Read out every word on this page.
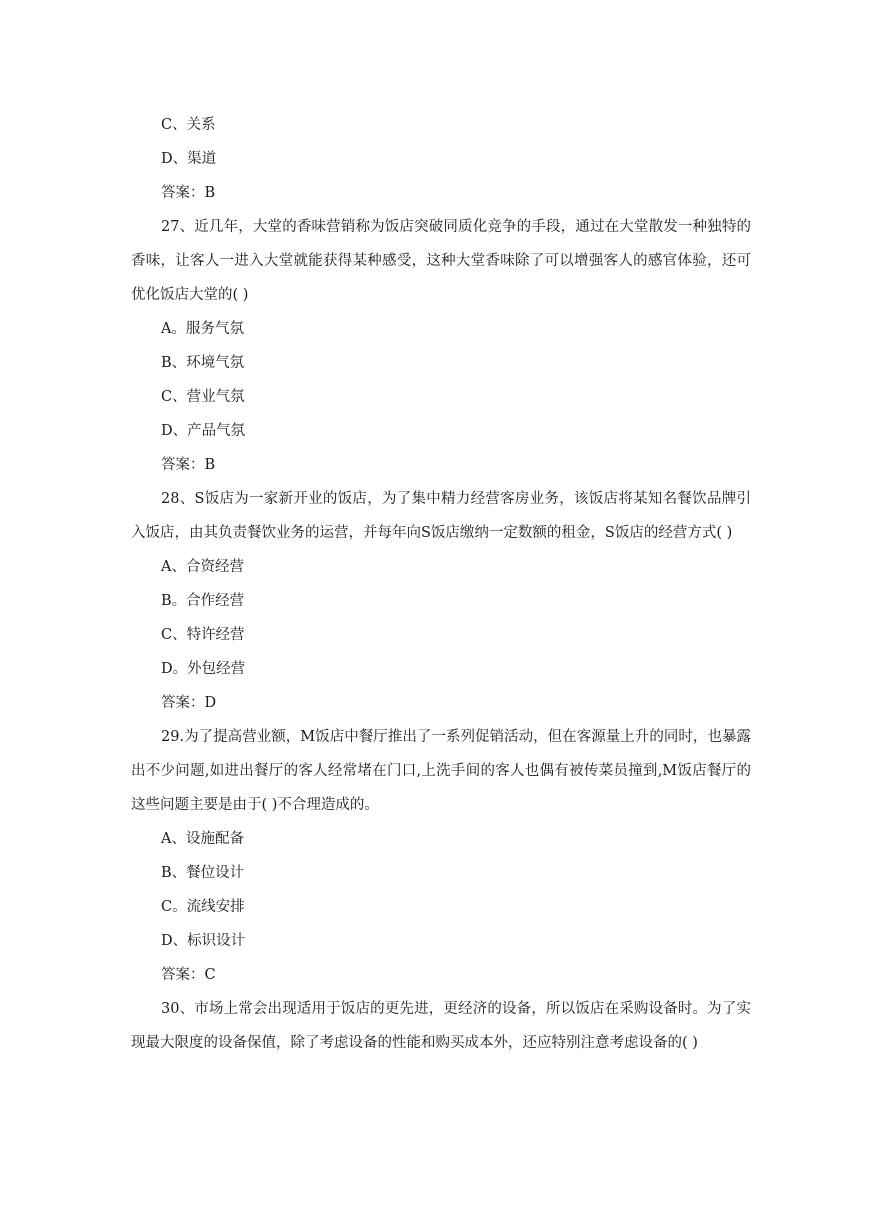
C、关系
D、渠道
答案：B

27、近几年，大堂的香味营销称为饭店突破同质化竞争的手段，通过在大堂散发一种独特的香味，让客人一进入大堂就能获得某种感受，这种大堂香味除了可以增强客人的感官体验，还可优化饭店大堂的( )

A。服务气氛
B、环境气氛
C、营业气氛
D、产品气氛
答案：B

28、S饭店为一家新开业的饭店，为了集中精力经营客房业务，该饭店将某知名餐饮品牌引入饭店，由其负责餐饮业务的运营，并每年向S饭店缴纳一定数额的租金，S饭店的经营方式( )

A、合资经营
B。合作经营
C、特许经营
D。外包经营
答案：D

29.为了提高营业额，M饭店中餐厅推出了一系列促销活动，但在客源量上升的同时，也暴露出不少问题,如进出餐厅的客人经常堵在门口,上洗手间的客人也偶有被传菜员撞到,M饭店餐厅的这些问题主要是由于( )不合理造成的。

A、设施配备
B、餐位设计
C。流线安排
D、标识设计
答案：C

30、市场上常会出现适用于饭店的更先进，更经济的设备，所以饭店在采购设备时。为了实现最大限度的设备保值，除了考虑设备的性能和购买成本外，还应特别注意考虑设备的( )
